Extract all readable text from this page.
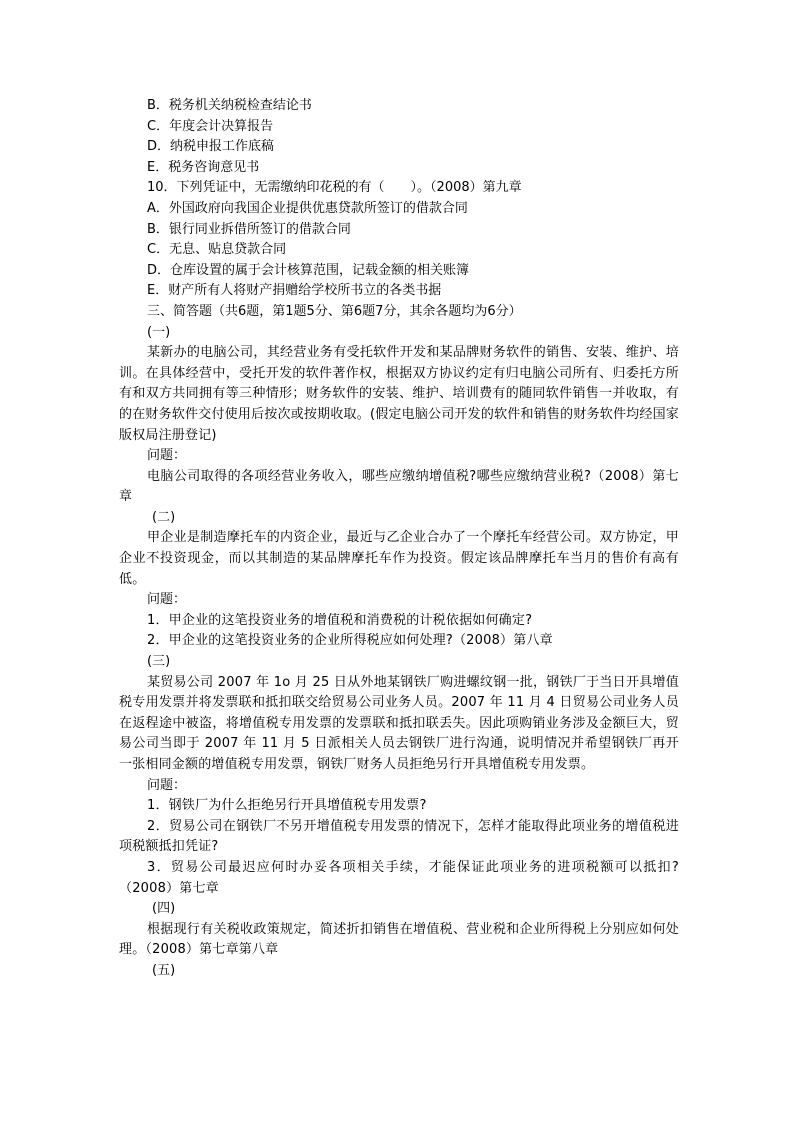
B．税务机关纳税检查结论书

C．年度会计决算报告

D．纳税申报工作底稿

E．税务咨询意见书

10．下列凭证中，无需缴纳印花税的有（　　）。（2008）第九章

A．外国政府向我国企业提供优惠贷款所签订的借款合同

B．银行同业拆借所签订的借款合同

C．无息、贴息贷款合同

D．仓库设置的属于会计核算范围，记载金额的相关账簿

E．财产所有人将财产捐赠给学校所书立的各类书据

三、简答题（共6题，第1题5分、第6题7分，其余各题均为6分）

(一)

某新办的电脑公司，其经营业务有受托软件开发和某品牌财务软件的销售、安装、维护、培训。在具体经营中，受托开发的软件著作权，根据双方协议约定有归电脑公司所有、归委托方所有和双方共同拥有等三种情形；财务软件的安装、维护、培训费有的随同软件销售一并收取，有的在财务软件交付使用后按次或按期收取。(假定电脑公司开发的软件和销售的财务软件均经国家版权局注册登记)

问题：

电脑公司取得的各项经营业务收入，哪些应缴纳增值税?哪些应缴纳营业税?（2008）第七章

(二)

甲企业是制造摩托车的内资企业，最近与乙企业合办了一个摩托车经营公司。双方协定，甲企业不投资现金，而以其制造的某品牌摩托车作为投资。假定该品牌摩托车当月的售价有高有低。

问题：

1．甲企业的这笔投资业务的增值税和消费税的计税依据如何确定?

2．甲企业的这笔投资业务的企业所得税应如何处理?（2008）第八章

(三)

某贸易公司 2007 年 1o 月 25 日从外地某钢铁厂购进螺纹钢一批，钢铁厂于当日开具增值税专用发票并将发票联和抵扣联交给贸易公司业务人员。2007 年 11 月 4 日贸易公司业务人员在返程途中被盗，将增值税专用发票的发票联和抵扣联丢失。因此项购销业务涉及金额巨大，贸易公司当即于 2007 年 11 月 5 日派相关人员去钢铁厂进行沟通，说明情况并希望钢铁厂再开一张相同金额的增值税专用发票，钢铁厂财务人员拒绝另行开具增值税专用发票。

问题：

1．钢铁厂为什么拒绝另行开具增值税专用发票?

2．贸易公司在钢铁厂不另开增值税专用发票的情况下，怎样才能取得此项业务的增值税进项税额抵扣凭证?

3．贸易公司最迟应何时办妥各项相关手续，才能保证此项业务的进项税额可以抵扣?（2008）第七章

(四)

根据现行有关税收政策规定，简述折扣销售在增值税、营业税和企业所得税上分别应如何处理。（2008）第七章第八章

(五)
